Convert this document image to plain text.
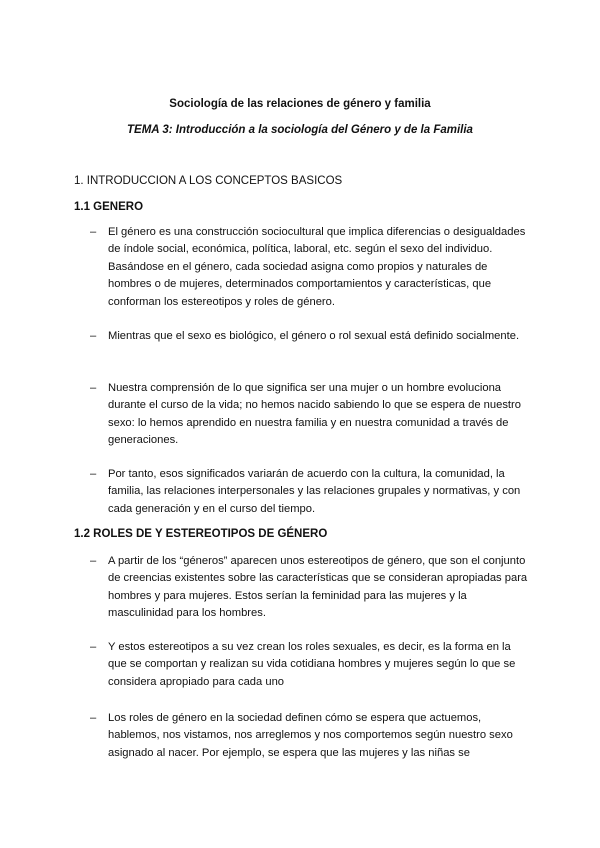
Sociología de las relaciones de género y familia

TEMA 3: Introducción a la sociología del Género y de la Familia

1. INTRODUCCION A LOS CONCEPTOS BASICOS

1.1 GENERO

–	El género es una construcción sociocultural que implica diferencias o desigualdades de índole social, económica, política, laboral, etc. según el sexo del individuo. Basándose en el género, cada sociedad asigna como propios y naturales de hombres o de mujeres, determinados comportamientos y características, que conforman los estereotipos y roles de género.
–	Mientras que el sexo es biológico, el género o rol sexual está definido socialmente.
–	Nuestra comprensión de lo que significa ser una mujer o un hombre evoluciona durante el curso de la vida; no hemos nacido sabiendo lo que se espera de nuestro sexo: lo hemos aprendido en nuestra familia y en nuestra comunidad a través de generaciones.
–	Por tanto, esos significados variarán de acuerdo con la cultura, la comunidad, la familia, las relaciones interpersonales y las relaciones grupales y normativas, y con cada generación y en el curso del tiempo.

1.2 ROLES DE Y ESTEREOTIPOS DE GÉNERO

–	A partir de los “géneros” aparecen unos estereotipos de género, que son el conjunto de creencias existentes sobre las características que se consideran apropiadas para hombres y para mujeres. Estos serían la feminidad para las mujeres y la masculinidad para los hombres.
–	Y estos estereotipos a su vez crean los roles sexuales, es decir, es la forma en la que se comportan y realizan su vida cotidiana hombres y mujeres según lo que se considera apropiado para cada uno
–	Los roles de género en la sociedad definen cómo se espera que actuemos, hablemos, nos vistamos, nos arreglemos y nos comportemos según nuestro sexo asignado al nacer. Por ejemplo, se espera que las mujeres y las niñas se
